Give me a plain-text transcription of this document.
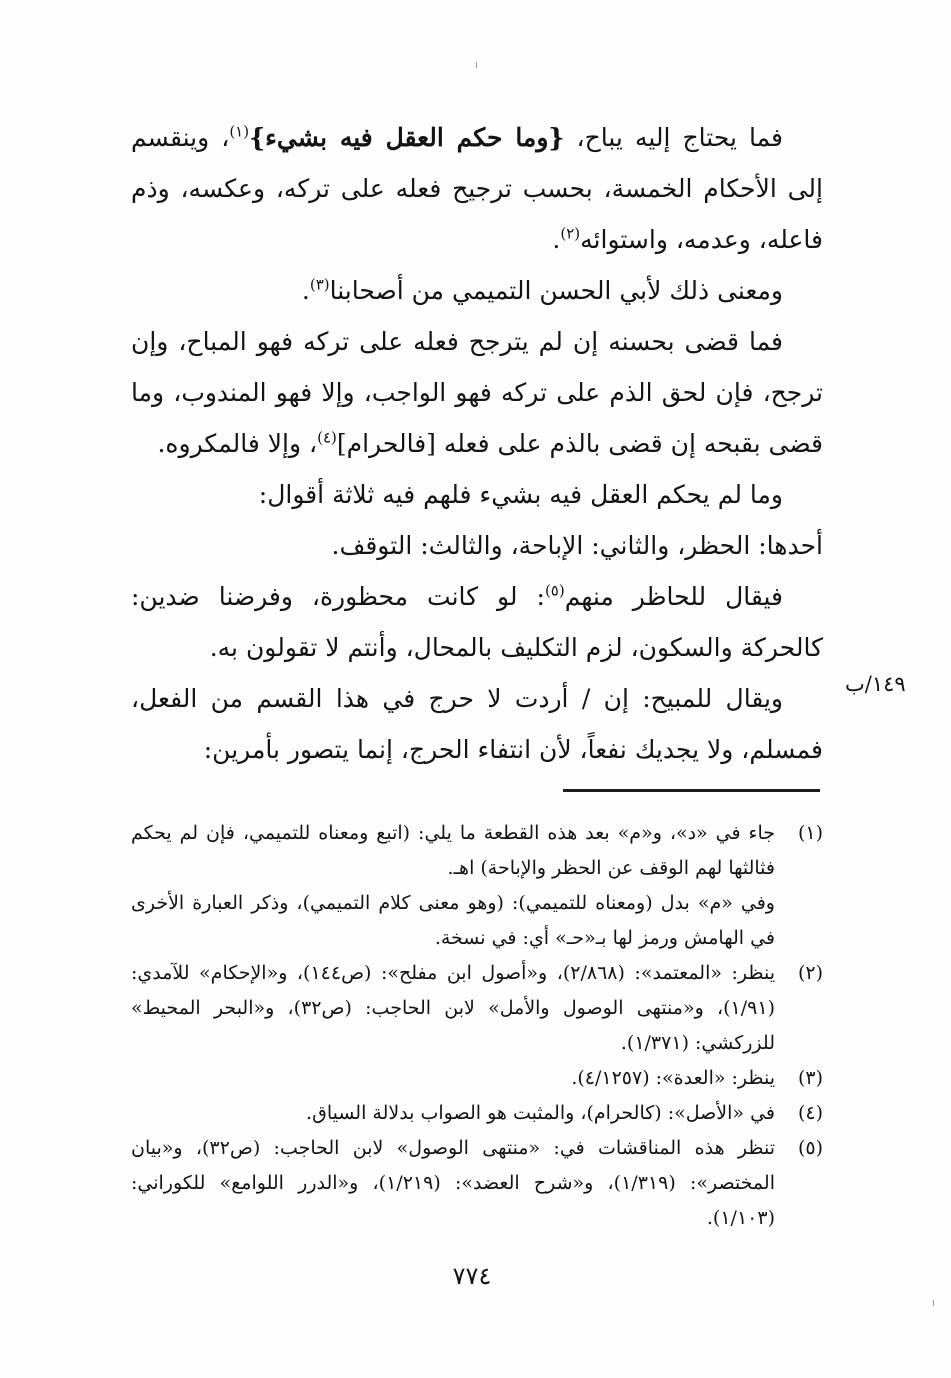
فما يحتاج إليه يباح، {وما حكم العقل فيه بشيء}$^{(١)}$، وينقسم إلى الأحكام الخمسة، بحسب ترجيح فعله على تركه، وعكسه، وذم فاعله، وعدمه، واستوائه$^{(٢)}$.

ومعنى ذلك لأبي الحسن التميمي من أصحابنا$^{(٣)}$.

فما قضى بحسنه إن لم يترجح فعله على تركه فهو المباح، وإن ترجح، فإن لحق الذم على تركه فهو الواجب، وإلا فهو المندوب، وما قضى بقبحه إن قضى بالذم على فعله [فالحرام]$^{(٤)}$، وإلا فالمكروه.

وما لم يحكم العقل فيه بشيء فلهم فيه ثلاثة أقوال:

أحدها: الحظر، والثاني: الإباحة، والثالث: التوقف.

فيقال للحاظر منهم$^{(٥)}$: لو كانت محظورة، وفرضنا ضدين: كالحركة والسكون، لزم التكليف بالمحال، وأنتم لا تقولون به.

ويقال للمبيح: إن / أردت لا حرج في هذا القسم من الفعل، فمسلم، ولا يجديك نفعاً، لأن انتفاء الحرج، إنما يتصور بأمرين:

١٤٩/ب
(١)
جاء في «د»، و«م» بعد هذه القطعة ما يلي: (اتبع ومعناه للتميمي، فإن لم يحكم فثالثها لهم الوقف عن الحظر والإباحة) اهـ.
وفي «م» بدل (ومعناه للتميمي): (وهو معنى كلام التميمي)، وذكر العبارة الأخرى في الهامش ورمز لها بـ«حـ» أي: في نسخة.
(٢)
ينظر: «المعتمد»: (٢/٨٦٨)، و«أصول ابن مفلح»: (ص١٤٤)، و«الإحكام» للآمدي: (١/٩١)، و«منتهى الوصول والأمل» لابن الحاجب: (ص٣٢)، و«البحر المحيط» للزركشي: (١/٣٧١).
(٣)
ينظر: «العدة»: (٤/١٢٥٧).
(٤)
في «الأصل»: (كالحرام)، والمثبت هو الصواب بدلالة السياق.
(٥)
تنظر هذه المناقشات في: «منتهى الوصول» لابن الحاجب: (ص٣٢)، و«بيان المختصر»: (١/٣١٩)، و«شرح العضد»: (١/٢١٩)، و«الدرر اللوامع» للكوراني: (١/١٠٣).
٧٧٤
